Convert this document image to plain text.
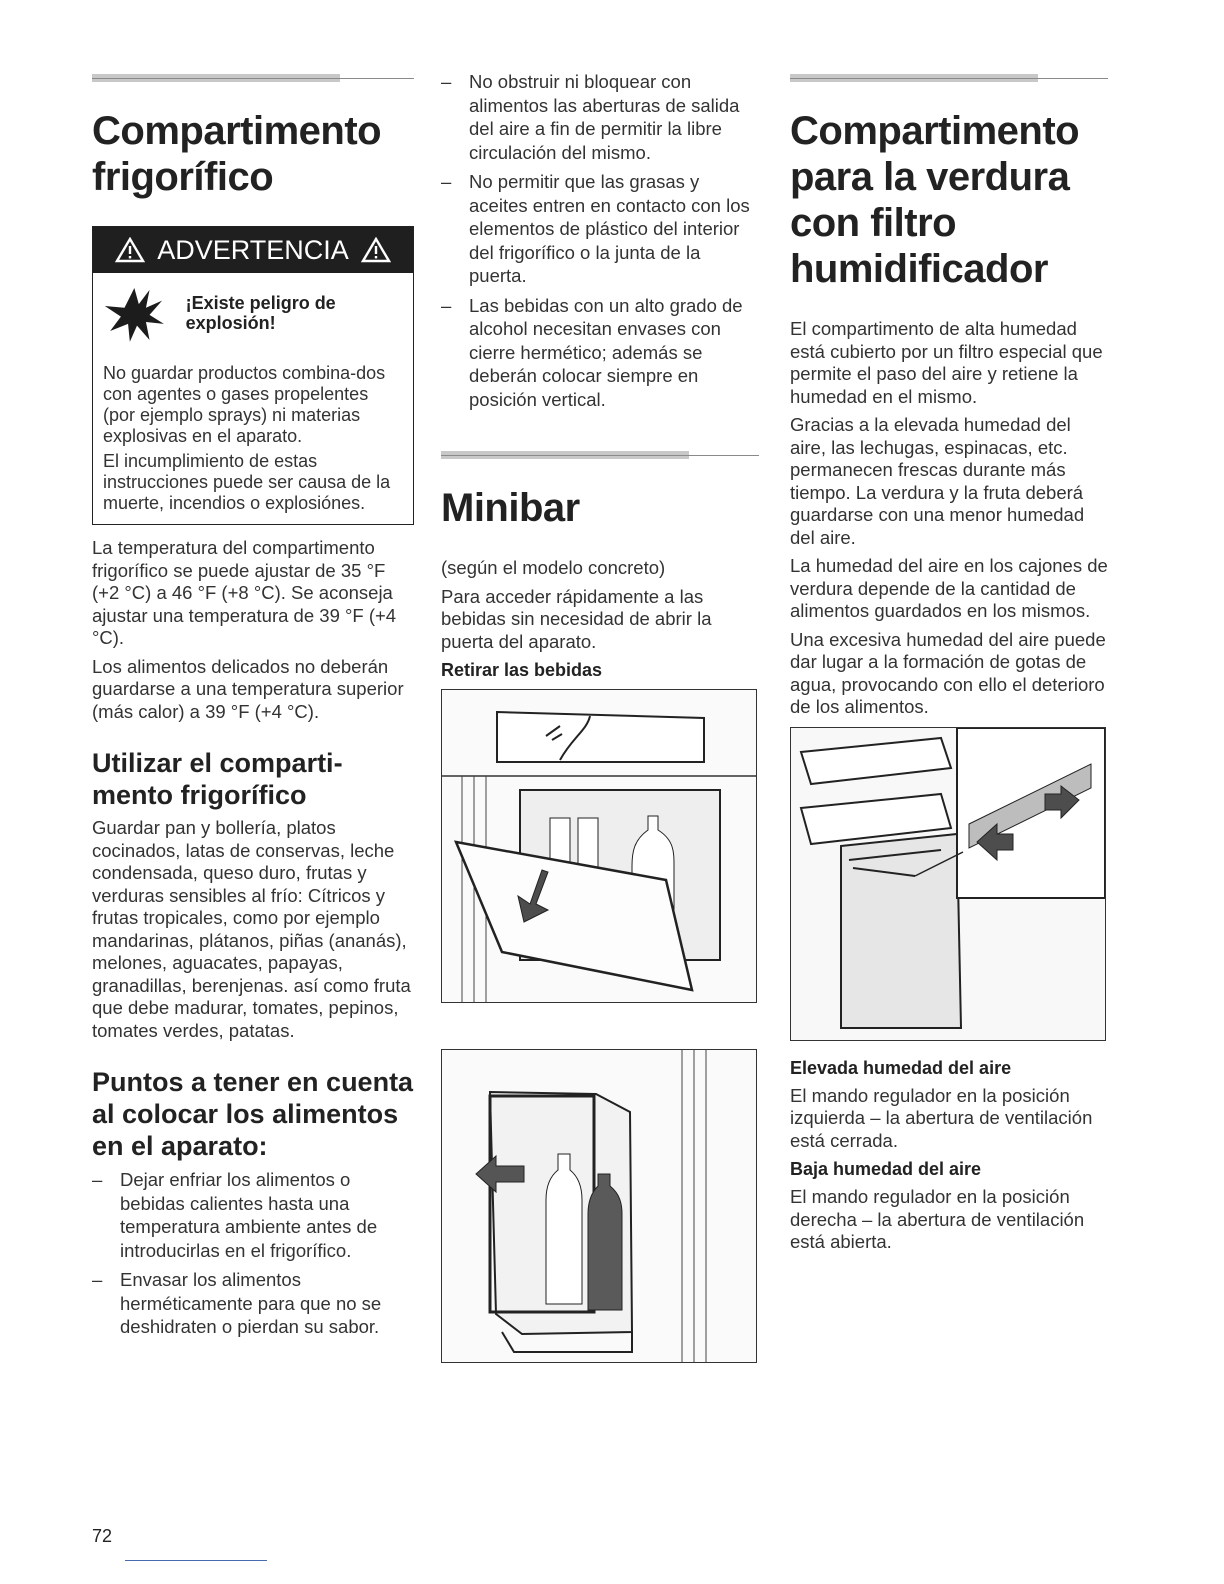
Compartimento frigorífico
ADVERTENCIA
¡Existe peligro de explosión!

No guardar productos combina-dos con agentes o gases propelentes (por ejemplo sprays) ni materias explosivas en el aparato.

El incumplimiento de estas instrucciones puede ser causa de la muerte, incendios o explosiónes.

La temperatura del compartimento frigorífico se puede ajustar de 35 °F (+2 °C) a 46 °F (+8 °C). Se aconseja ajustar una temperatura de 39 °F (+4 °C).

Los alimentos delicados no deberán guardarse a una temperatura superior (más calor) a 39 °F (+4 °C).

Utilizar el comparti-mento frigorífico

Guardar pan y bollería, platos cocinados, latas de conservas, leche condensada, queso duro, frutas y verduras sensibles al frío: Cítricos y frutas tropicales, como por ejemplo mandarinas, plátanos, piñas (ananás), melones, aguacates, papayas, granadillas, berenjenas. así como fruta que debe madurar, tomates, pepinos, tomates verdes, patatas.

Puntos a tener en cuenta al colocar los alimentos en el aparato:
– Dejar enfriar los alimentos o bebidas calientes hasta una temperatura ambiente antes de introducirlas en el frigorífico.
– Envasar los alimentos herméticamente para que no se deshidraten o pierdan su sabor.
– No obstruir ni bloquear con alimentos las aberturas de salida del aire a fin de permitir la libre circulación del mismo.
– No permitir que las grasas y aceites entren en contacto con los elementos de plástico del interior del frigorífico o la junta de la puerta.
– Las bebidas con un alto grado de alcohol necesitan envases con cierre hermético; además se deberán colocar siempre en posición vertical.
Minibar

(según el modelo concreto)

Para acceder rápidamente a las bebidas sin necesidad de abrir la puerta del aparato.

Retirar las bebidas
Compartimento para la verdura con filtro humidificador

El compartimento de alta humedad está cubierto por un filtro especial que permite el paso del aire y retiene la humedad en el mismo.

Gracias a la elevada humedad del aire, las lechugas, espinacas, etc. permanecen frescas durante más tiempo. La verdura y la fruta deberá guardarse con una menor humedad del aire.

La humedad del aire en los cajones de verdura depende de la cantidad de alimentos guardados en los mismos.

Una excesiva humedad del aire puede dar lugar a la formación de gotas de agua, provocando con ello el deterioro de los alimentos.

Elevada humedad del aire

El mando regulador en la posición izquierda – la abertura de ventilación está cerrada.

Baja humedad del aire

El mando regulador en la posición derecha – la abertura de ventilación está abierta.

72
